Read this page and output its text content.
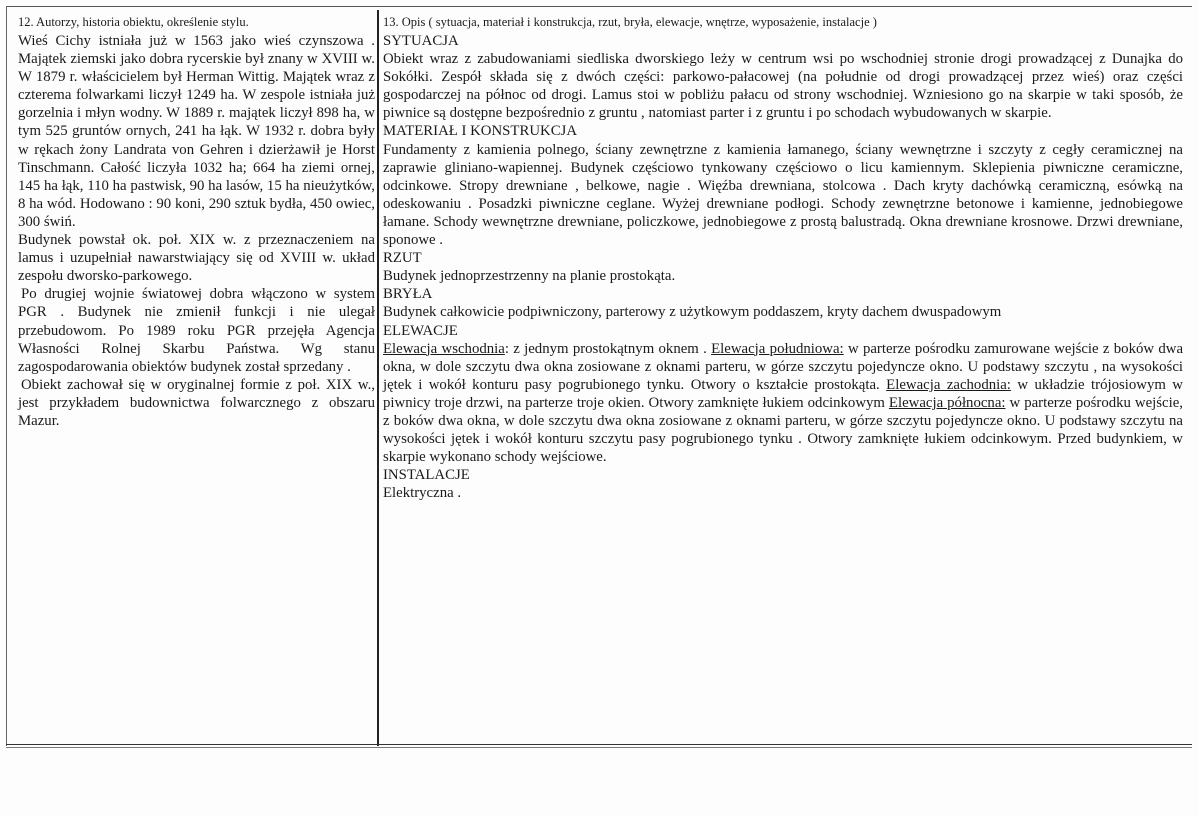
12. Autorzy, historia obiektu, określenie stylu.

Wieś Cichy istniała już w 1563 jako wieś czynszowa . Majątek ziemski jako dobra rycerskie był znany w XVIII w. W 1879 r. właścicielem był Herman Wittig. Majątek wraz z czterema folwarkami liczył 1249 ha. W zespole istniała już gorzelnia i młyn wodny. W 1889 r. majątek liczył 898 ha, w tym 525 gruntów ornych, 241 ha łąk. W 1932 r. dobra były w rękach żony Landrata von Gehren i dzierżawił je Horst Tinschmann. Całość liczyła 1032 ha; 664 ha ziemi ornej, 145 ha łąk, 110 ha pastwisk, 90 ha lasów, 15 ha nieużytków, 8 ha wód. Hodowano : 90 koni, 290 sztuk bydła, 450 owiec, 300 świń.

Budynek powstał ok. poł. XIX w. z przeznaczeniem na lamus i uzupełniał nawarstwiający się od XVIII w. układ zespołu dworsko-parkowego.

Po drugiej wojnie światowej dobra włączono w system PGR . Budynek nie zmienił funkcji i nie ulegał przebudowom. Po 1989 roku PGR przejęła Agencja Własności Rolnej Skarbu Państwa. Wg stanu zagospodarowania obiektów budynek został sprzedany .

Obiekt zachował się w oryginalnej formie z poł. XIX w., jest przykładem budownictwa folwarcznego z obszaru Mazur.

13. Opis ( sytuacja, materiał i konstrukcja, rzut, bryła, elewacje, wnętrze, wyposażenie, instalacje )

SYTUACJA

Obiekt wraz z zabudowaniami siedliska dworskiego leży w centrum wsi po wschodniej stronie drogi prowadzącej z Dunajka do Sokółki. Zespół składa się z dwóch części: parkowo-pałacowej (na południe od drogi prowadzącej przez wieś) oraz części gospodarczej na północ od drogi. Lamus stoi w pobliżu pałacu od strony wschodniej. Wzniesiono go na skarpie w taki sposób, że piwnice są dostępne bezpośrednio z gruntu , natomiast parter i z gruntu i po schodach wybudowanych w skarpie.

MATERIAŁ I KONSTRUKCJA

Fundamenty z kamienia polnego, ściany zewnętrzne z kamienia łamanego, ściany wewnętrzne i szczyty z cegły ceramicznej na zaprawie gliniano-wapiennej. Budynek częściowo tynkowany częściowo o licu kamiennym. Sklepienia piwniczne ceramiczne, odcinkowe. Stropy drewniane , belkowe, nagie . Więźba drewniana, stolcowa . Dach kryty dachówką ceramiczną, esówką na odeskowaniu . Posadzki piwniczne ceglane. Wyżej drewniane podłogi. Schody zewnętrzne betonowe i kamienne, jednobiegowe łamane. Schody wewnętrzne drewniane, policzkowe, jednobiegowe z prostą balustradą. Okna drewniane krosnowe. Drzwi drewniane, sponowe .

RZUT

Budynek jednoprzestrzenny na planie prostokąta.

BRYŁA

Budynek całkowicie podpiwniczony, parterowy z użytkowym poddaszem, kryty dachem dwuspadowym

ELEWACJE

Elewacja wschodnia: z jednym prostokątnym oknem . Elewacja południowa: w parterze pośrodku zamurowane wejście z boków dwa okna, w dole szczytu dwa okna zosiowane z oknami parteru, w górze szczytu pojedyncze okno. U podstawy szczytu , na wysokości jętek i wokół konturu pasy pogrubionego tynku. Otwory o kształcie prostokąta. Elewacja zachodnia: w układzie trójosiowym w piwnicy troje drzwi, na parterze troje okien. Otwory zamknięte łukiem odcinkowym Elewacja północna: w parterze pośrodku wejście, z boków dwa okna, w dole szczytu dwa okna zosiowane z oknami parteru, w górze szczytu pojedyncze okno. U podstawy szczytu na wysokości jętek i wokół konturu szczytu pasy pogrubionego tynku . Otwory zamknięte łukiem odcinkowym. Przed budynkiem, w skarpie wykonano schody wejściowe.

INSTALACJE

Elektryczna .
